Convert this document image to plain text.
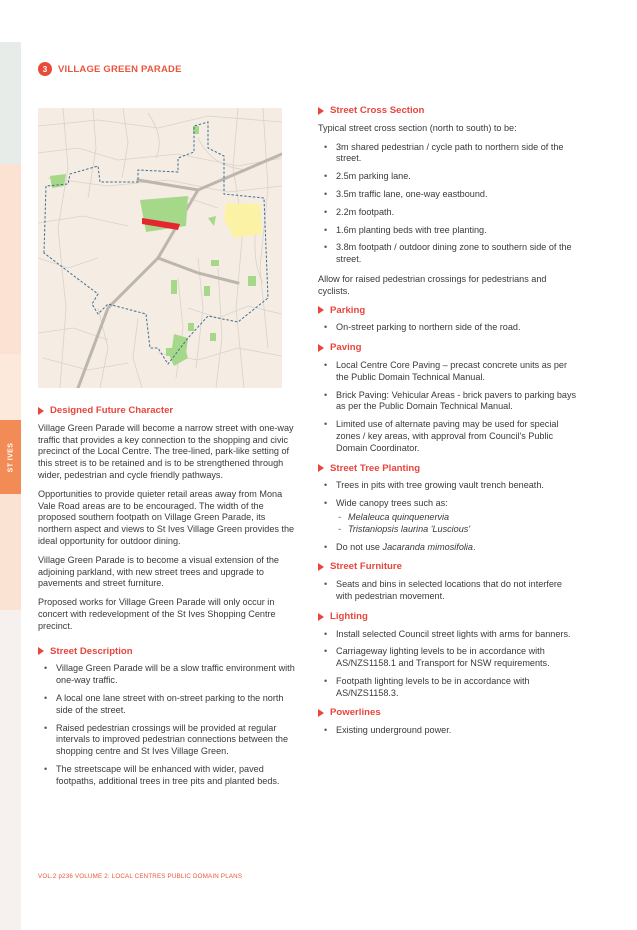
ST IVES
3	VILLAGE GREEN PARADE
Designed Future Character

Village Green Parade will become a narrow street with one-way traffic that provides a key connection to the shopping and civic precinct of the Local Centre. The tree-lined, park-like setting of this street is to be retained and is to be strengthened through wider, pedestrian and cycle friendly pathways.

Opportunities to provide quieter retail areas away from Mona Vale Road areas are to be encouraged. The width of the proposed southern footpath on Village Green Parade, its northern aspect and views to St Ives Village Green provides the ideal opportunity for outdoor dining.

Village Green Parade is to become a visual extension of the adjoining parkland, with new street trees and upgrade to pavements and street furniture.

Proposed works for Village Green Parade will only occur in concert with redevelopment of the St Ives Shopping Centre precinct.

Street Description
• Village Green Parade will be a slow traffic environment with one-way traffic.
• A local one lane street with on-street parking to the north side of the street.
• Raised pedestrian crossings will be provided at regular intervals to improved pedestrian connections between the shopping centre and St Ives Village Green.
• The streetscape will be enhanced with wider, paved footpaths, additional trees in tree pits and planted beds.
Street Cross Section

Typical street cross section (north to south) to be:

• 3m shared pedestrian / cycle path to northern side of the street.
• 2.5m parking lane.
• 3.5m traffic lane, one-way eastbound.
• 2.2m footpath.
• 1.6m planting beds with tree planting.
• 3.8m footpath / outdoor dining zone to southern side of the street.

Allow for raised pedestrian crossings for pedestrians and cyclists.

Parking
• On-street parking to northern side of the road.
Paving
• Local Centre Core Paving – precast concrete units as per the Public Domain Technical Manual.
• Brick Paving: Vehicular Areas - brick pavers to parking bays as per the Public Domain Technical Manual.
• Limited use of alternate paving may be used for special zones / key areas, with approval from Council's Public Domain Coordinator.
Street Tree Planting
• Trees in pits with tree growing vault trench beneath.
• Wide canopy trees such as:
- Melaleuca quinquenervia
- Tristaniopsis laurina 'Luscious'
• Do not use Jacaranda mimosifolia.
Street Furniture
• Seats and bins in selected locations that do not interfere with pedestrian movement.
Lighting
• Install selected Council street lights with arms for banners.
• Carriageway lighting levels to be in accordance with AS/NZS1158.1 and Transport for NSW requirements.
• Footpath lighting levels to be in accordance with AS/NZS1158.3.
Powerlines
• Existing underground power.
VOL.2 p236 VOLUME 2: LOCAL CENTRES PUBLIC DOMAIN PLANS
